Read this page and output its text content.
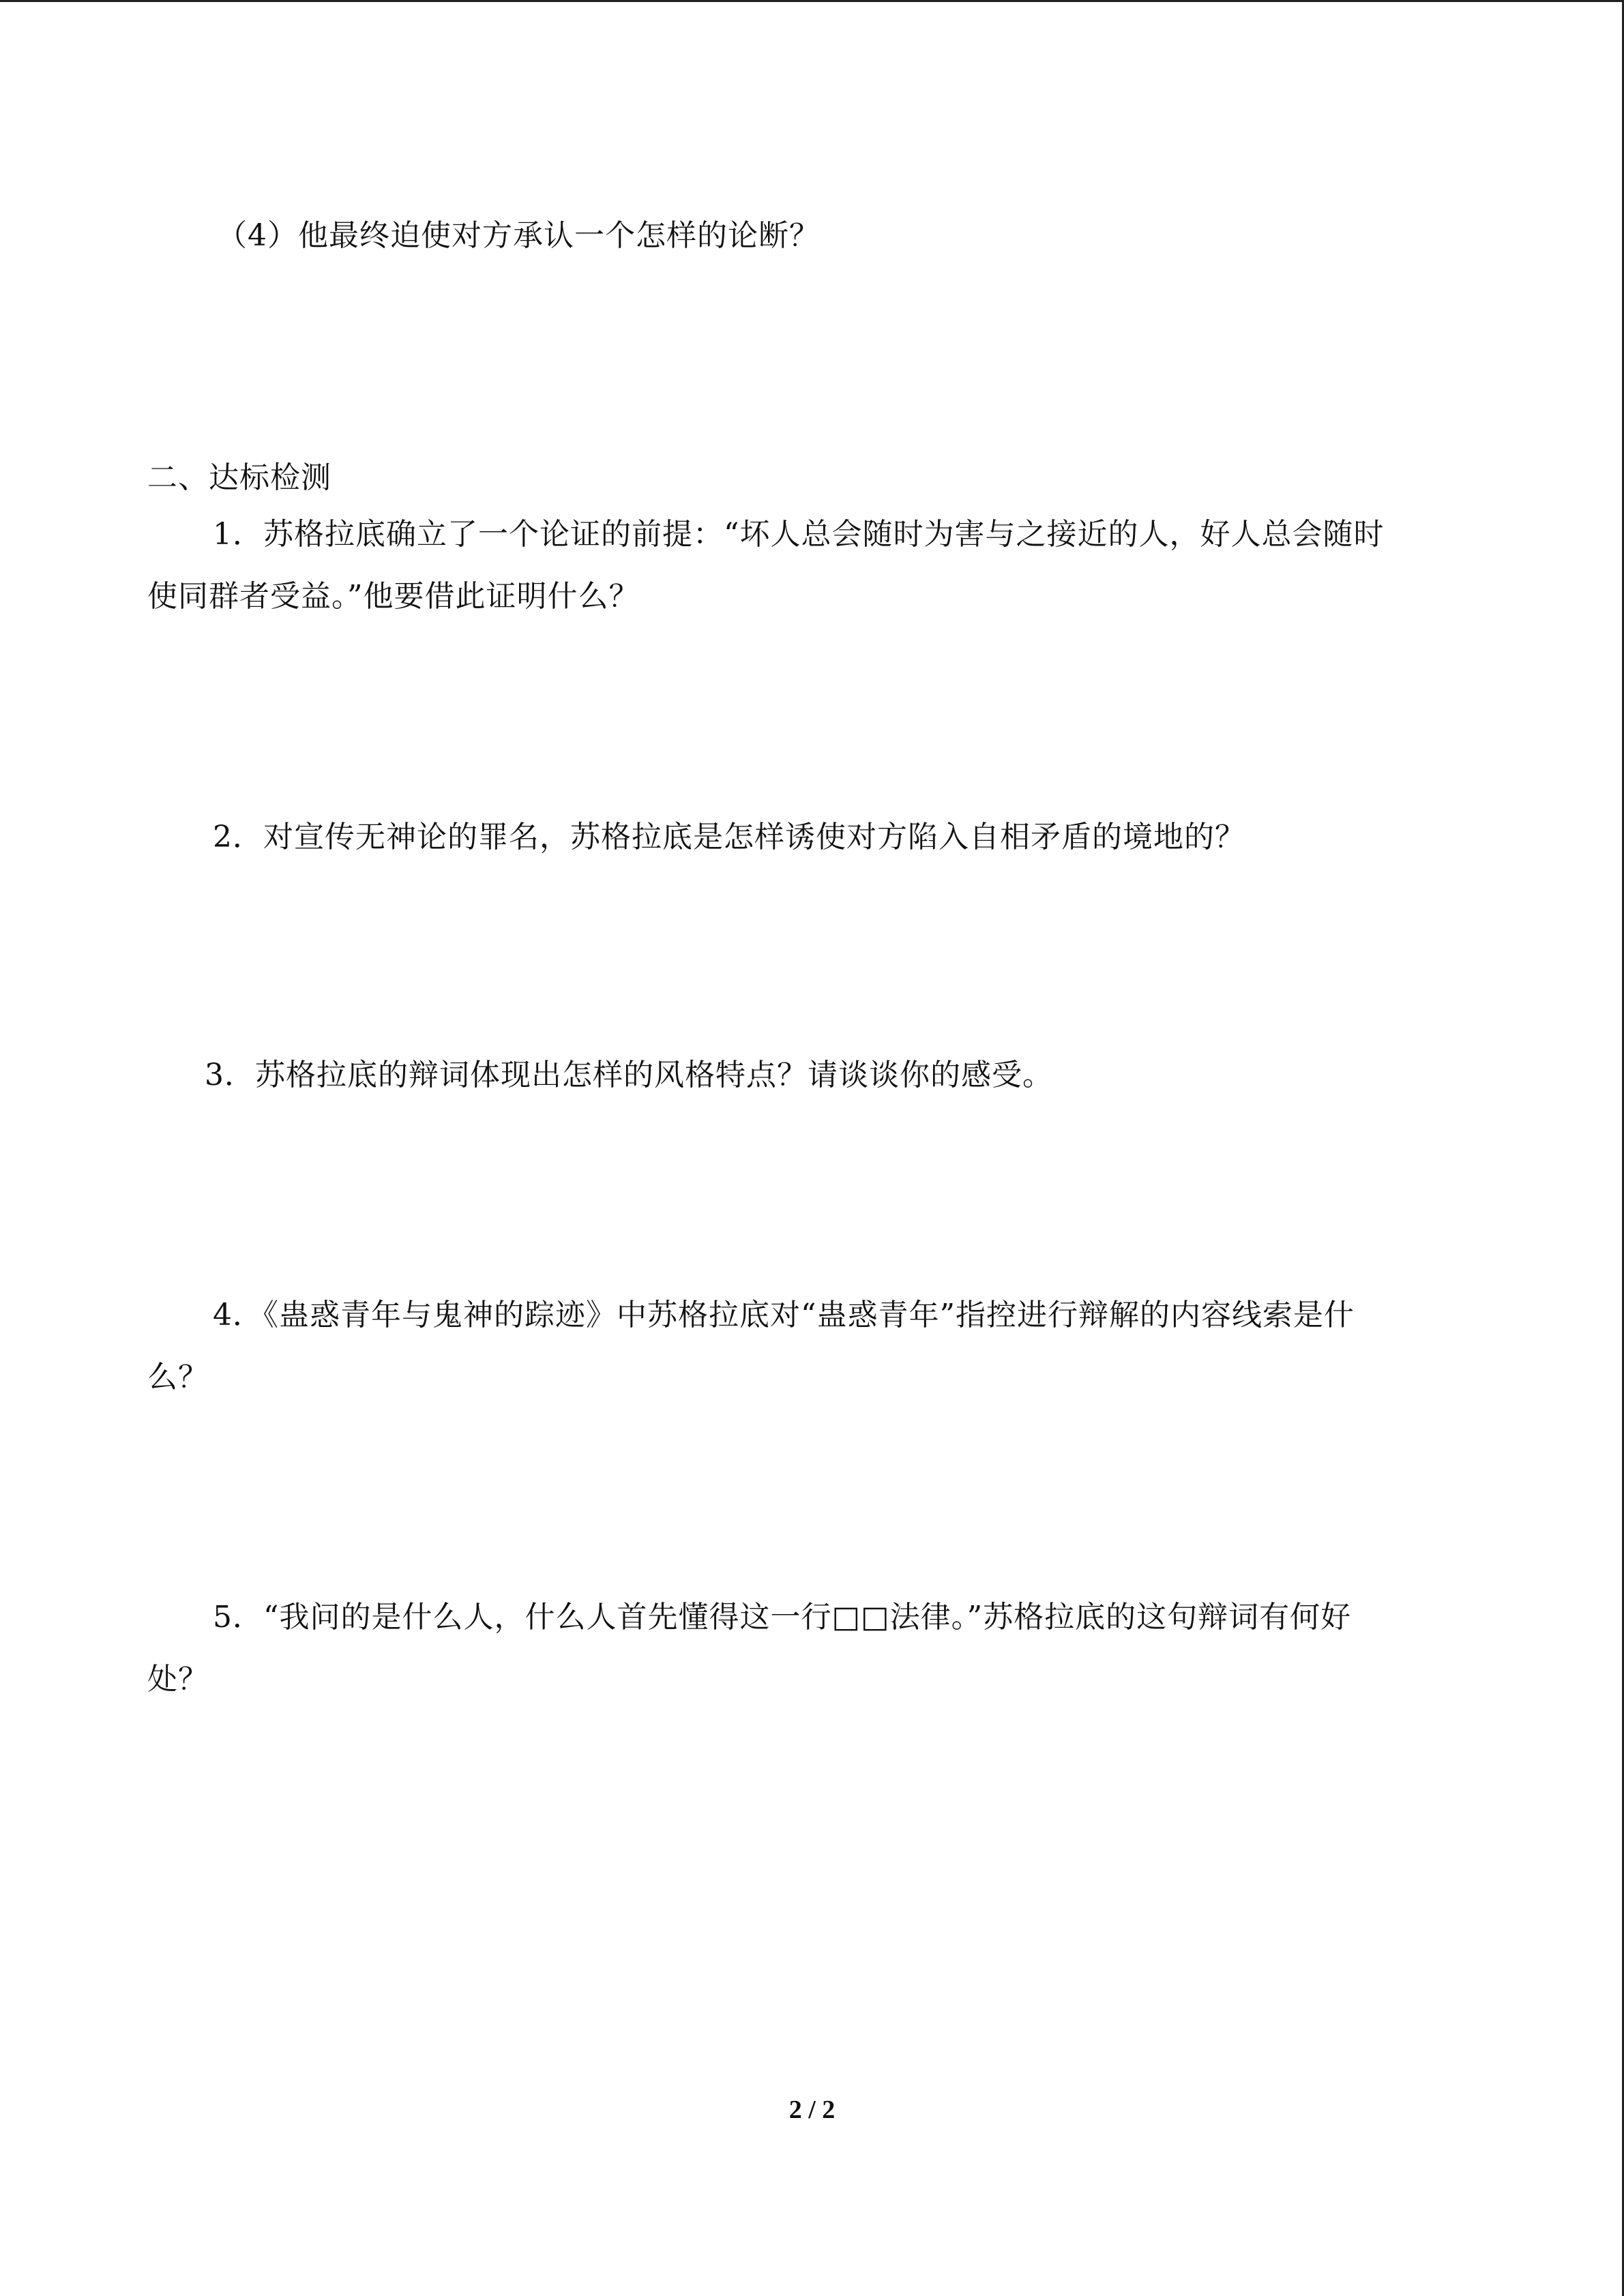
（4）他最终迫使对方承认一个怎样的论断？

二、达标检测

1．苏格拉底确立了一个论证的前提：“坏人总会随时为害与之接近的人，好人总会随时

使同群者受益。”他要借此证明什么？

2．对宣传无神论的罪名，苏格拉底是怎样诱使对方陷入自相矛盾的境地的？

3．苏格拉底的辩词体现出怎样的风格特点？请谈谈你的感受。

4．《蛊惑青年与鬼神的踪迹》中苏格拉底对“蛊惑青年”指控进行辩解的内容线索是什

么？

5．“我问的是什么人，什么人首先懂得这一行□□法律。”苏格拉底的这句辩词有何好

处？

2 / 2
